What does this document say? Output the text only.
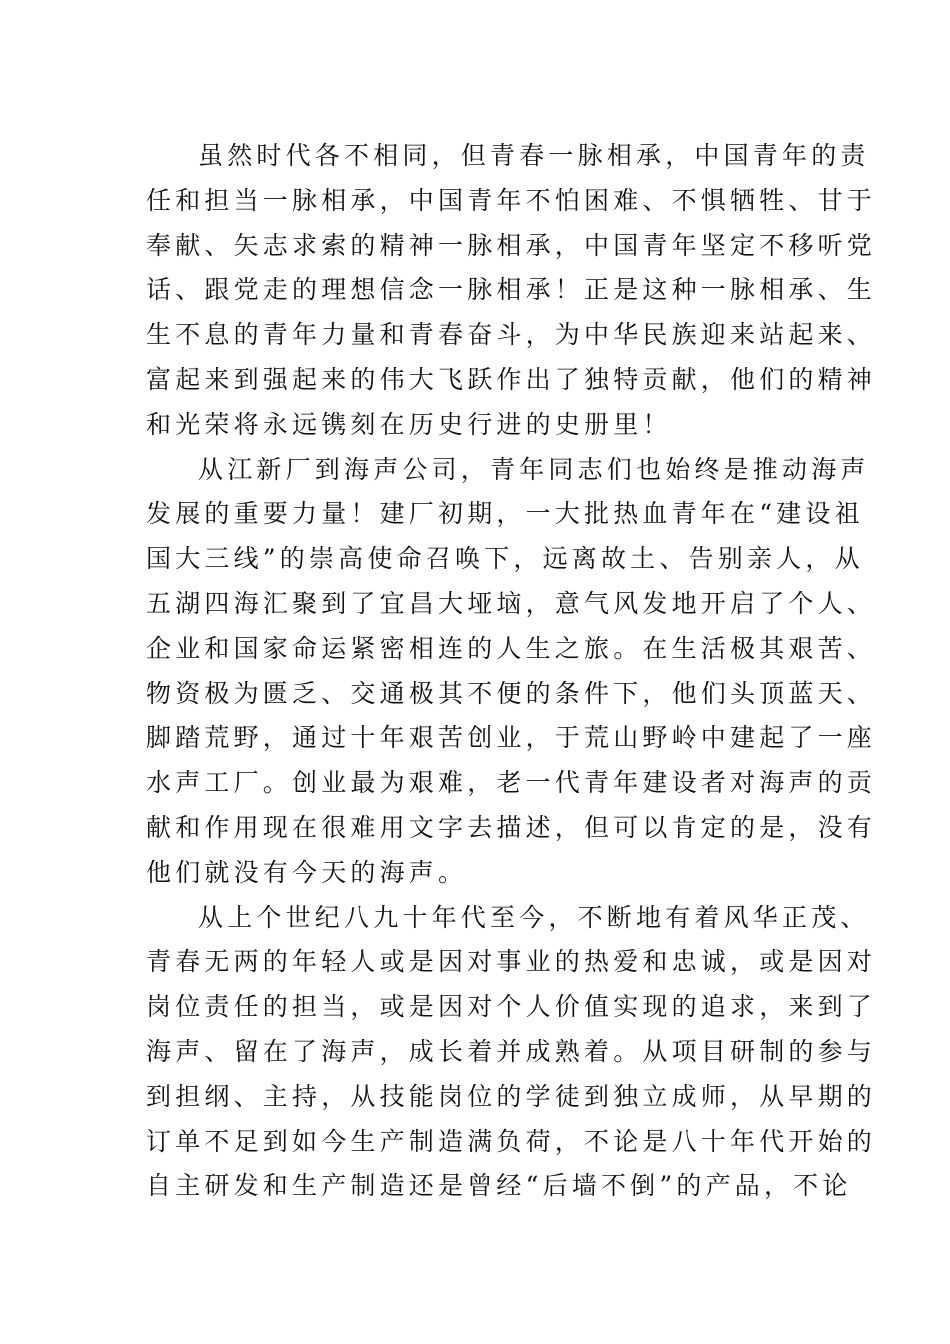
虽然时代各不相同，但青春一脉相承，中国青年的责
任和担当一脉相承，中国青年不怕困难、不惧牺牲、甘于
奉献、矢志求索的精神一脉相承，中国青年坚定不移听党
话、跟党走的理想信念一脉相承！正是这种一脉相承、生
生不息的青年力量和青春奋斗，为中华民族迎来站起来、
富起来到强起来的伟大飞跃作出了独特贡献，他们的精神
和光荣将永远镌刻在历史行进的史册里！
从江新厂到海声公司，青年同志们也始终是推动海声
发展的重要力量！建厂初期，一大批热血青年在“建设祖
国大三线”的崇高使命召唤下，远离故土、告别亲人，从
五湖四海汇聚到了宜昌大垭垴，意气风发地开启了个人、
企业和国家命运紧密相连的人生之旅。在生活极其艰苦、
物资极为匮乏、交通极其不便的条件下，他们头顶蓝天、
脚踏荒野，通过十年艰苦创业，于荒山野岭中建起了一座
水声工厂。创业最为艰难，老一代青年建设者对海声的贡
献和作用现在很难用文字去描述，但可以肯定的是，没有
他们就没有今天的海声。
从上个世纪八九十年代至今，不断地有着风华正茂、
青春无两的年轻人或是因对事业的热爱和忠诚，或是因对
岗位责任的担当，或是因对个人价值实现的追求，来到了
海声、留在了海声，成长着并成熟着。从项目研制的参与
到担纲、主持，从技能岗位的学徒到独立成师，从早期的
订单不足到如今生产制造满负荷，不论是八十年代开始的
自主研发和生产制造还是曾经“后墙不倒”的产品，不论
